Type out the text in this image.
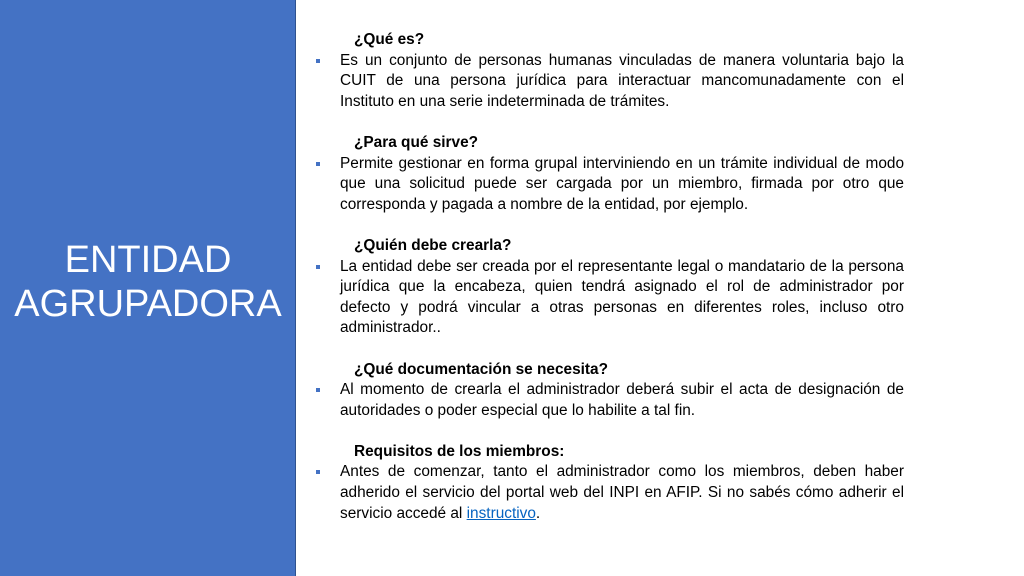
ENTIDAD
AGRUPADORA
¿Qué es?
Es un conjunto de personas humanas vinculadas de manera voluntaria bajo la CUIT de una persona jurídica para interactuar mancomunadamente con el Instituto en una serie indeterminada de trámites.
¿Para qué sirve?
Permite gestionar en forma grupal interviniendo en un trámite individual de modo que una solicitud puede ser cargada por un miembro, firmada por otro que corresponda y pagada a nombre de la entidad, por ejemplo.
¿Quién debe crearla?
La entidad debe ser creada por el representante legal o mandatario de la persona jurídica que la encabeza, quien tendrá asignado el rol de administrador por defecto y podrá vincular a otras personas en diferentes roles, incluso otro administrador..
¿Qué documentación se necesita?
Al momento de crearla el administrador deberá subir el acta de designación de autoridades o poder especial que lo habilite a tal fin.
Requisitos de los miembros:
Antes de comenzar, tanto el administrador como los miembros, deben haber adherido el servicio del portal web del INPI en AFIP. Si no sabés cómo adherir el servicio accedé al instructivo.
